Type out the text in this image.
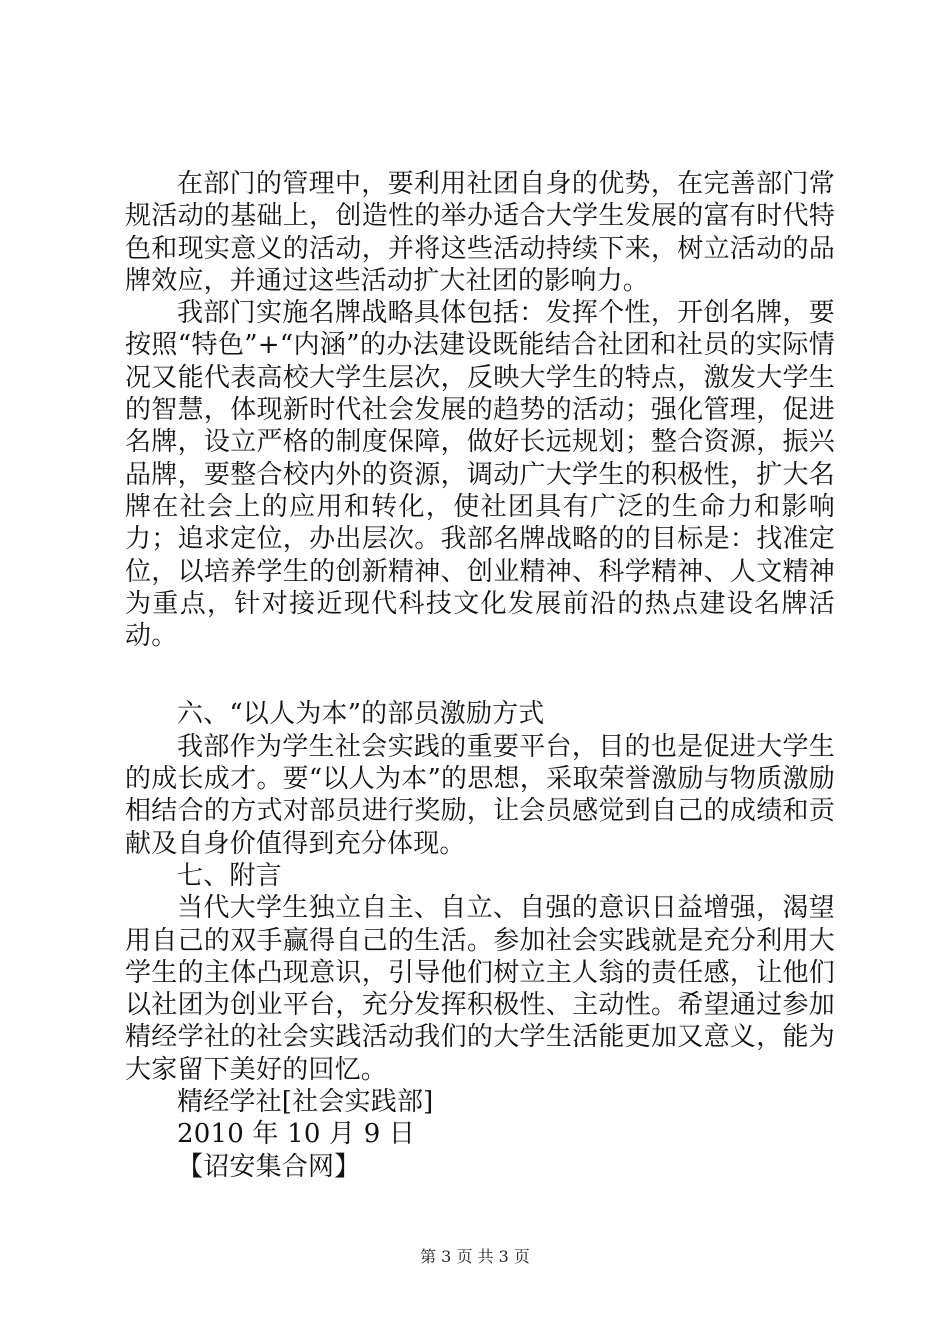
在部门的管理中，要利用社团自身的优势，在完善部门常规活动的基础上，创造性的举办适合大学生发展的富有时代特色和现实意义的活动，并将这些活动持续下来，树立活动的品牌效应，并通过这些活动扩大社团的影响力。

我部门实施名牌战略具体包括：发挥个性，开创名牌，要按照“特色”+“内涵”的办法建设既能结合社团和社员的实际情况又能代表高校大学生层次，反映大学生的特点，激发大学生的智慧，体现新时代社会发展的趋势的活动；强化管理，促进名牌，设立严格的制度保障，做好长远规划；整合资源，振兴品牌，要整合校内外的资源，调动广大学生的积极性，扩大名牌在社会上的应用和转化，使社团具有广泛的生命力和影响力；追求定位，办出层次。我部名牌战略的的目标是：找准定位，以培养学生的创新精神、创业精神、科学精神、人文精神为重点，针对接近现代科技文化发展前沿的热点建设名牌活动。

六、“以人为本”的部员激励方式

我部作为学生社会实践的重要平台，目的也是促进大学生的成长成才。要“以人为本”的思想，采取荣誉激励与物质激励相结合的方式对部员进行奖励，让会员感觉到自己的成绩和贡献及自身价值得到充分体现。

七、附言

当代大学生独立自主、自立、自强的意识日益增强，渴望用自己的双手赢得自己的生活。参加社会实践就是充分利用大学生的主体凸现意识，引导他们树立主人翁的责任感，让他们以社团为创业平台，充分发挥积极性、主动性。希望通过参加精经学社的社会实践活动我们的大学生活能更加又意义，能为大家留下美好的回忆。

精经学社[社会实践部]

2010 年 10 月 9 日

【诏安集合网】

第 3 页 共 3 页
